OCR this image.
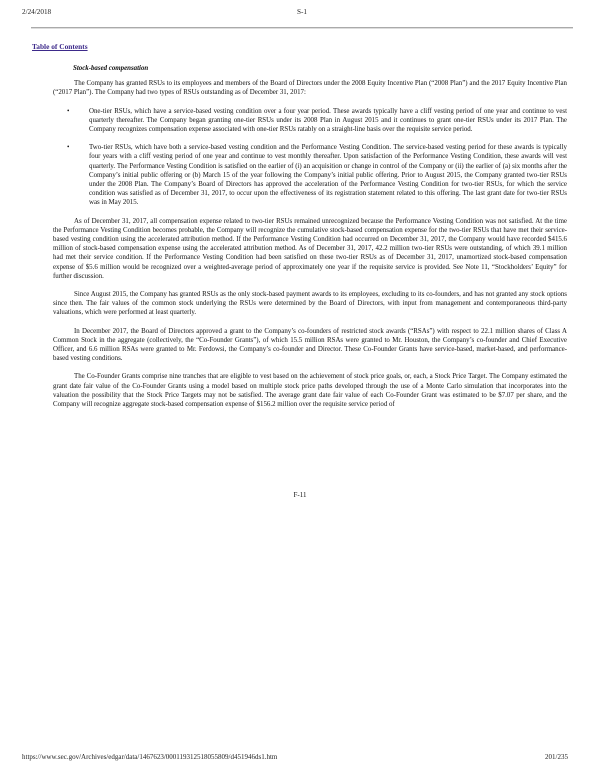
2/24/2018	S-1
Table of Contents
Stock-based compensation

The Company has granted RSUs to its employees and members of the Board of Directors under the 2008 Equity Incentive Plan (“2008 Plan”) and the 2017 Equity Incentive Plan (“2017 Plan”). The Company had two types of RSUs outstanding as of December 31, 2017:

•	One-tier RSUs, which have a service-based vesting condition over a four year period. These awards typically have a cliff vesting period of one year and continue to vest quarterly thereafter. The Company began granting one-tier RSUs under its 2008 Plan in August 2015 and it continues to grant one-tier RSUs under its 2017 Plan. The Company recognizes compensation expense associated with one-tier RSUs ratably on a straight-line basis over the requisite service period.
•	Two-tier RSUs, which have both a service-based vesting condition and the Performance Vesting Condition. The service-based vesting period for these awards is typically four years with a cliff vesting period of one year and continue to vest monthly thereafter. Upon satisfaction of the Performance Vesting Condition, these awards will vest quarterly. The Performance Vesting Condition is satisfied on the earlier of (i) an acquisition or change in control of the Company or (ii) the earlier of (a) six months after the Company’s initial public offering or (b) March 15 of the year following the Company’s initial public offering. Prior to August 2015, the Company granted two-tier RSUs under the 2008 Plan. The Company’s Board of Directors has approved the acceleration of the Performance Vesting Condition for two-tier RSUs, for which the service condition was satisfied as of December 31, 2017, to occur upon the effectiveness of its registration statement related to this offering. The last grant date for two-tier RSUs was in May 2015.

As of December 31, 2017, all compensation expense related to two-tier RSUs remained unrecognized because the Performance Vesting Condition was not satisfied. At the time the Performance Vesting Condition becomes probable, the Company will recognize the cumulative stock-based compensation expense for the two-tier RSUs that have met their service-based vesting condition using the accelerated attribution method. If the Performance Vesting Condition had occurred on December 31, 2017, the Company would have recorded $415.6 million of stock-based compensation expense using the accelerated attribution method. As of December 31, 2017, 42.2 million two-tier RSUs were outstanding, of which 39.1 million had met their service condition. If the Performance Vesting Condition had been satisfied on these two-tier RSUs as of December 31, 2017, unamortized stock-based compensation expense of $5.6 million would be recognized over a weighted-average period of approximately one year if the requisite service is provided. See Note 11, “Stockholders’ Equity” for further discussion.

Since August 2015, the Company has granted RSUs as the only stock-based payment awards to its employees, excluding to its co-founders, and has not granted any stock options since then. The fair values of the common stock underlying the RSUs were determined by the Board of Directors, with input from management and contemporaneous third-party valuations, which were performed at least quarterly.

In December 2017, the Board of Directors approved a grant to the Company’s co-founders of restricted stock awards (“RSAs”) with respect to 22.1 million shares of Class A Common Stock in the aggregate (collectively, the “Co-Founder Grants”), of which 15.5 million RSAs were granted to Mr. Houston, the Company’s co-founder and Chief Executive Officer, and 6.6 million RSAs were granted to Mr. Ferdowsi, the Company’s co-founder and Director. These Co-Founder Grants have service-based, market-based, and performance-based vesting conditions.

The Co-Founder Grants comprise nine tranches that are eligible to vest based on the achievement of stock price goals, or, each, a Stock Price Target. The Company estimated the grant date fair value of the Co-Founder Grants using a model based on multiple stock price paths developed through the use of a Monte Carlo simulation that incorporates into the valuation the possibility that the Stock Price Targets may not be satisfied. The average grant date fair value of each Co-Founder Grant was estimated to be $7.07 per share, and the Company will recognize aggregate stock-based compensation expense of $156.2 million over the requisite service period of

F-11
https://www.sec.gov/Archives/edgar/data/1467623/000119312518055809/d451946ds1.htm	201/235
